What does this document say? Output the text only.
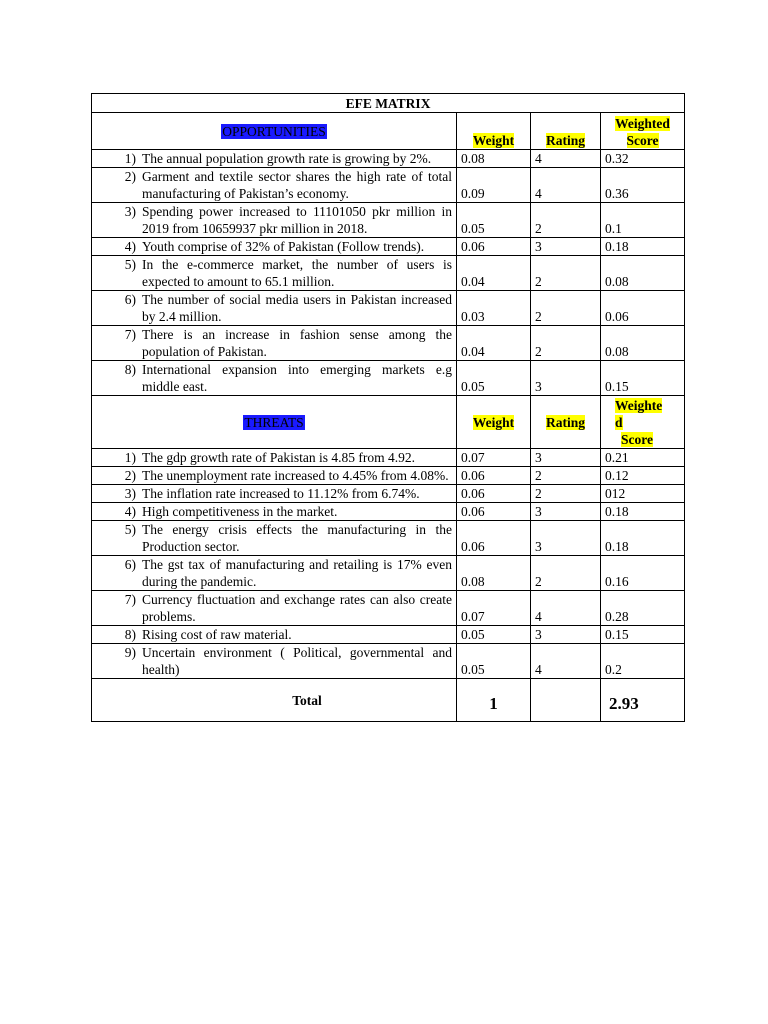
EFE MATRIX			
OPPORTUNITIES	Weight	Rating	Weighted Score

1) The annual population growth rate is growing by 2%.	0.08	4	0.32

2) Garment and textile sector shares the high rate of total manufacturing of Pakistan’s economy.	0.09	4	0.36

3) Spending power increased to 11101050 pkr million in 2019 from 10659937 pkr million in 2018.	0.05	2	0.1

4) Youth comprise of 32% of Pakistan (Follow trends).	0.06	3	0.18

5) In the e-commerce market, the number of users is expected to amount to 65.1 million.	0.04	2	0.08

6) The number of social media users in Pakistan increased by 2.4 million.	0.03	2	0.06

7) There is an increase in fashion sense among the population of Pakistan.	0.04	2	0.08

8) International expansion into emerging markets e.g middle east.	0.05	3	0.15
THREATS	Weight	Rating	Weighte
d
Score

1) The gdp growth rate of Pakistan is 4.85 from 4.92.	0.07	3	0.21

2) The unemployment rate increased to 4.45% from 4.08%.	0.06	2	0.12

3) The inflation rate increased to 11.12% from 6.74%.	0.06	2	012

4) High competitiveness in the market.	0.06	3	0.18

5) The energy crisis effects the manufacturing in the Production sector.	0.06	3	0.18

6) The gst tax of manufacturing and retailing is 17% even during the pandemic.	0.08	2	0.16

7) Currency fluctuation and exchange rates can also create problems.	0.07	4	0.28

8) Rising cost of raw material.	0.05	3	0.15

9) Uncertain environment ( Political, governmental and health)	0.05	4	0.2
Total	1		2.93
